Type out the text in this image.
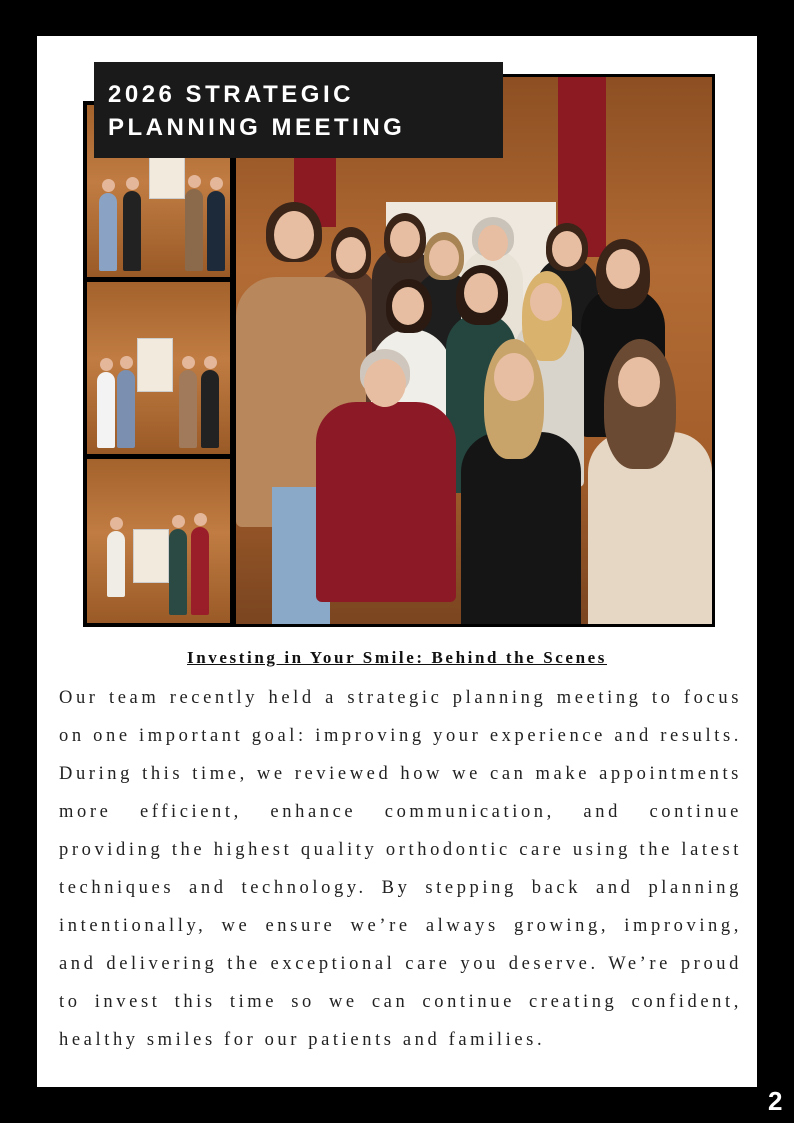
2026 STRATEGIC
PLANNING MEETING
Investing in Your Smile: Behind the Scenes
Our team recently held a strategic planning meeting to focus on one important goal: improving your experience and results. During this time, we reviewed how we can make appointments more efficient, enhance communication, and continue providing the highest quality orthodontic care using the latest techniques and technology. By stepping back and planning intentionally, we ensure we’re always growing, improving, and delivering the exceptional care you deserve. We’re proud to invest this time so we can continue creating confident, healthy smiles for our patients and families.
2
